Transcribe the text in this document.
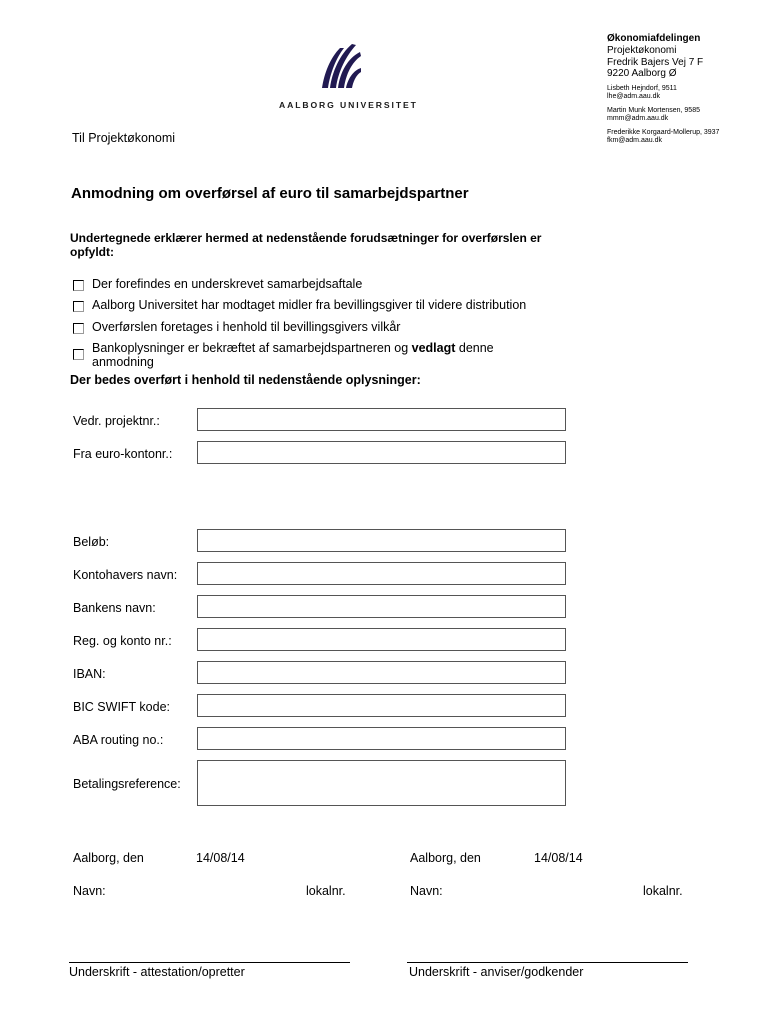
AALBORG UNIVERSITET
Økonomiafdelingen
Projektøkonomi
Fredrik Bajers Vej 7 F
9220 Aalborg Ø
Lisbeth Hejndorf, 9511
lhe@adm.aau.dk
Martin Munk Mortensen, 9585
mmm@adm.aau.dk
Frederikke Korgaard-Mollerup, 3937
fkm@adm.aau.dk
Til Projektøkonomi
Anmodning om overførsel af euro til samarbejdspartner
Undertegnede erklærer hermed at nedenstående forudsætninger for overførslen er opfyldt:
Der forefindes en underskrevet samarbejdsaftale
Aalborg Universitet har modtaget midler fra bevillingsgiver til videre distribution
Overførslen foretages i henhold til bevillingsgivers vilkår
Bankoplysninger er bekræftet af samarbejdspartneren og vedlagt denne
anmodning
Der bedes overført i henhold til nedenstående oplysninger:
Vedr. projektnr.:
Fra euro-kontonr.:
Beløb:
Kontohavers navn:
Bankens navn:
Reg. og konto nr.:
IBAN:
BIC SWIFT kode:
ABA routing no.:
Betalingsreference:
Aalborg, den	14/08/14
Navn:	lokalnr.
Underskrift - attestation/opretter
Aalborg, den	14/08/14
Navn:	lokalnr.
Underskrift - anviser/godkender
